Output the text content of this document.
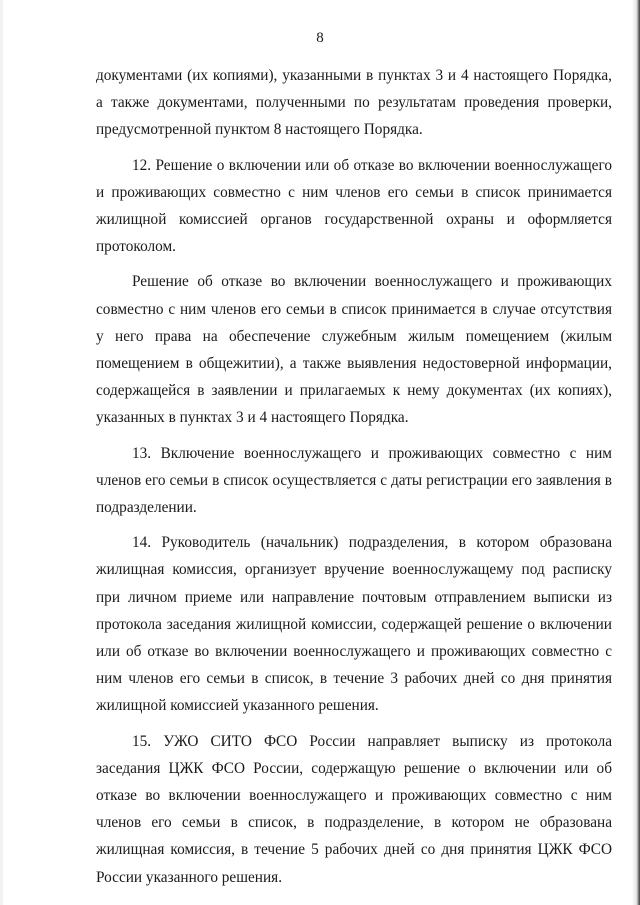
8

документами (их копиями), указанными в пунктах 3 и 4 настоящего Порядка, а также документами, полученными по результатам проведения проверки, предусмотренной пунктом 8 настоящего Порядка.

12. Решение о включении или об отказе во включении военнослужащего и проживающих совместно с ним членов его семьи в список принимается жилищной комиссией органов государственной охраны и оформляется протоколом.

Решение об отказе во включении военнослужащего и проживающих совместно с ним членов его семьи в список принимается в случае отсутствия у него права на обеспечение служебным жилым помещением (жилым помещением в общежитии), а также выявления недостоверной информации, содержащейся в заявлении и прилагаемых к нему документах (их копиях), указанных в пунктах 3 и 4 настоящего Порядка.

13. Включение военнослужащего и проживающих совместно с ним членов его семьи в список осуществляется с даты регистрации его заявления в подразделении.

14. Руководитель (начальник) подразделения, в котором образована жилищная комиссия, организует вручение военнослужащему под расписку при личном приеме или направление почтовым отправлением выписки из протокола заседания жилищной комиссии, содержащей решение о включении или об отказе во включении военнослужащего и проживающих совместно с ним членов его семьи в список, в течение 3 рабочих дней со дня принятия жилищной комиссией указанного решения.

15. УЖО СИТО ФСО России направляет выписку из протокола заседания ЦЖК ФСО России, содержащую решение о включении или об отказе во включении военнослужащего и проживающих совместно с ним членов его семьи в список, в подразделение, в котором не образована жилищная комиссия, в течение 5 рабочих дней со дня принятия ЦЖК ФСО России указанного решения.
